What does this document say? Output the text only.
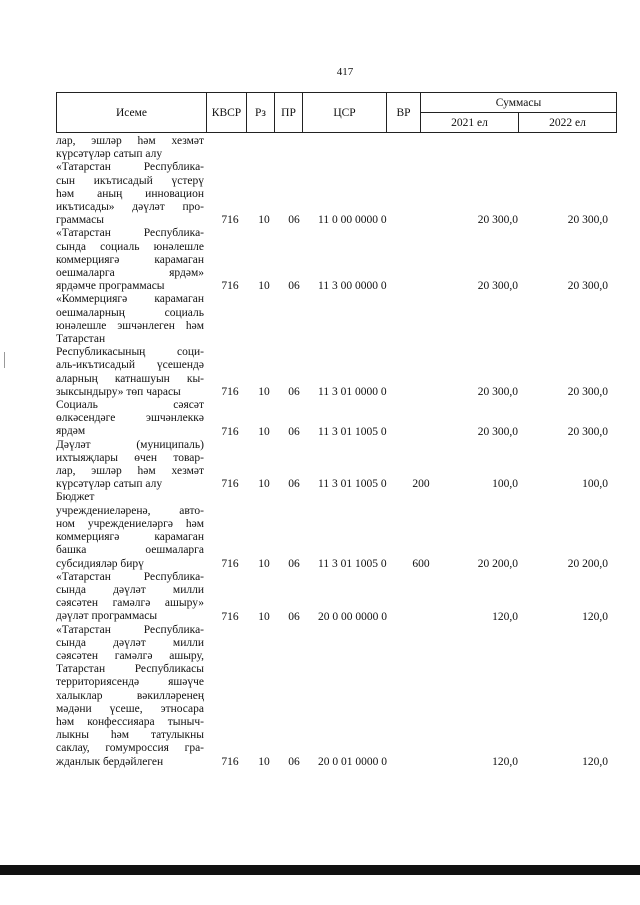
417
Исеме	КВСР	Рз	ПР	ЦСР	ВР	Суммасы	
						2021 ел	2022 ел
лар, эшләр һәм хезмәт
күрсәтүләр сатып алу
«Татарстан Республика-
сын икътисадый үстерү
һәм аның инновацион
икътисады» дәүләт про-
граммасы	716	10	06	11 0 00 0000 0	20 300,0	20 300,0
«Татарстан Республика-
сында социаль юнәлешле
коммерциягә карамаган
оешмаларга ярдәм»
ярдәмче программасы	716	10	06	11 3 00 0000 0	20 300,0	20 300,0
«Коммерциягә карамаган
оешмаларның социаль
юнәлешле эшчәнлеген һәм
Татарстан
Республикасының соци-
аль-икътисадый үсешендә
аларның катнашуын кы-
зыксындыру» төп чарасы	716	10	06	11 3 01 0000 0	20 300,0	20 300,0
Социаль сәясәт
өлкәсендәге эшчәнлеккә
ярдәм	716	10	06	11 3 01 1005 0	20 300,0	20 300,0
Дәүләт (муниципаль)
ихтыяҗлары өчен товар-
лар, эшләр һәм хезмәт
күрсәтүләр сатып алу	716	10	06	11 3 01 1005 0	200	100,0	100,0
Бюджет
учреждениеләренә, авто-
ном учреждениеләргә һәм
коммерциягә карамаган
башка оешмаларга
субсидияләр бирү	716	10	06	11 3 01 1005 0	600	20 200,0	20 200,0
«Татарстан Республика-
сында дәүләт милли
сәясәтен гамәлгә ашыру»
дәүләт программасы	716	10	06	20 0 00 0000 0	120,0	120,0
«Татарстан Республика-
сында дәүләт милли
сәясәтен гамәлгә ашыру,
Татарстан Республикасы
территориясендә яшәүче
халыклар вәкилләренең
мәдәни үсеше, этносара
һәм конфессияара тыныч-
лыкны һәм татулыкны
саклау, гомумроссия гра-
жданлык бердәйлеген	716	10	06	20 0 01 0000 0	120,0	120,0
